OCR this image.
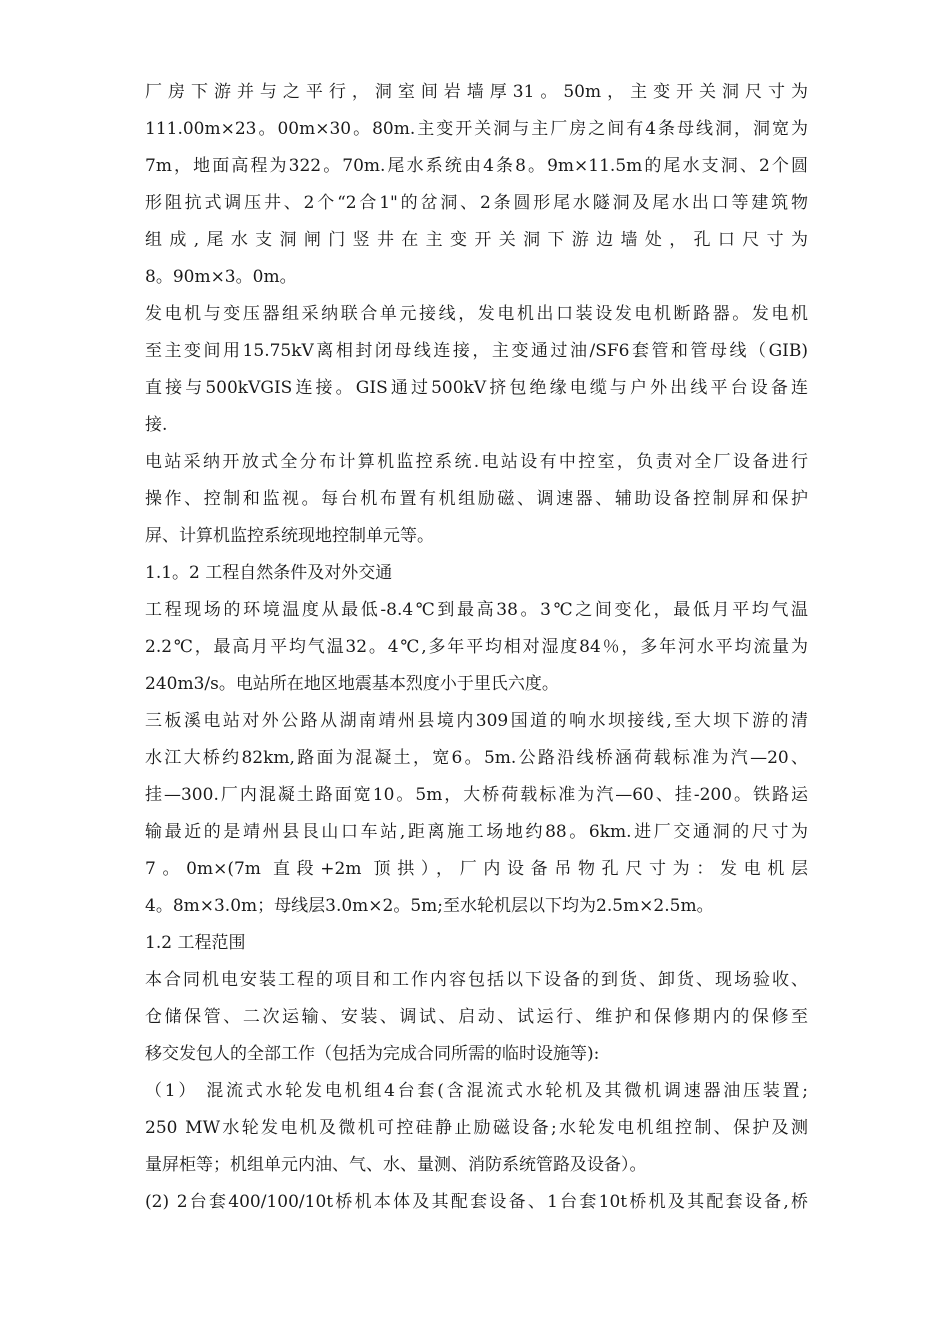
厂房下游并与之平行，洞室间岩墙厚31。50m，主变开关洞尺寸为
111.00m×23。00m×30。80m.主变开关洞与主厂房之间有4条母线洞，洞宽为
7m，地面高程为322。70m.尾水系统由4条8。9m×11.5m的尾水支洞、2个圆
形阻抗式调压井、2个“2合1"的岔洞、2条圆形尾水隧洞及尾水出口等建筑物
组成,尾水支洞闸门竖井在主变开关洞下游边墙处，孔口尺寸为
8。90m×3。0m。
发电机与变压器组采纳联合单元接线，发电机出口装设发电机断路器。发电机
至主变间用15.75kV离相封闭母线连接，主变通过油/SF6套管和管母线（GIB)
直接与500kVGIS连接。GIS通过500kV挤包绝缘电缆与户外出线平台设备连
接.
电站采纳开放式全分布计算机监控系统.电站设有中控室，负责对全厂设备进行
操作、控制和监视。每台机布置有机组励磁、调速器、辅助设备控制屏和保护
屏、计算机监控系统现地控制单元等。
1.1。2 工程自然条件及对外交通
工程现场的环境温度从最低-8.4℃到最高38。3℃之间变化，最低月平均气温
2.2℃，最高月平均气温32。4℃,多年平均相对湿度84％，多年河水平均流量为
240m3/s。电站所在地区地震基本烈度小于里氏六度。
三板溪电站对外公路从湖南靖州县境内309国道的响水坝接线,至大坝下游的清
水江大桥约82km,路面为混凝土，宽6。5m.公路沿线桥涵荷载标准为汽—20、
挂—300.厂内混凝土路面宽10。5m，大桥荷载标准为汽—60、挂-200。铁路运
输最近的是靖州县艮山口车站,距离施工场地约88。6km.进厂交通洞的尺寸为
7。0m×(7m 直段+2m 顶拱），厂内设备吊物孔尺寸为：发电机层
4。8m×3.0m；母线层3.0m×2。5m;至水轮机层以下均为2.5m×2.5m。
1.2 工程范围
本合同机电安装工程的项目和工作内容包括以下设备的到货、卸货、现场验收、
仓储保管、二次运输、安装、调试、启动、试运行、维护和保修期内的保修至
移交发包人的全部工作（包括为完成合同所需的临时设施等):
（1） 混流式水轮发电机组4台套(含混流式水轮机及其微机调速器油压装置;
250 MW水轮发电机及微机可控硅静止励磁设备;水轮发电机组控制、保护及测
量屏柜等；机组单元内油、气、水、量测、消防系统管路及设备）。
(2) 2台套400/100/10t桥机本体及其配套设备、1台套10t桥机及其配套设备,桥
